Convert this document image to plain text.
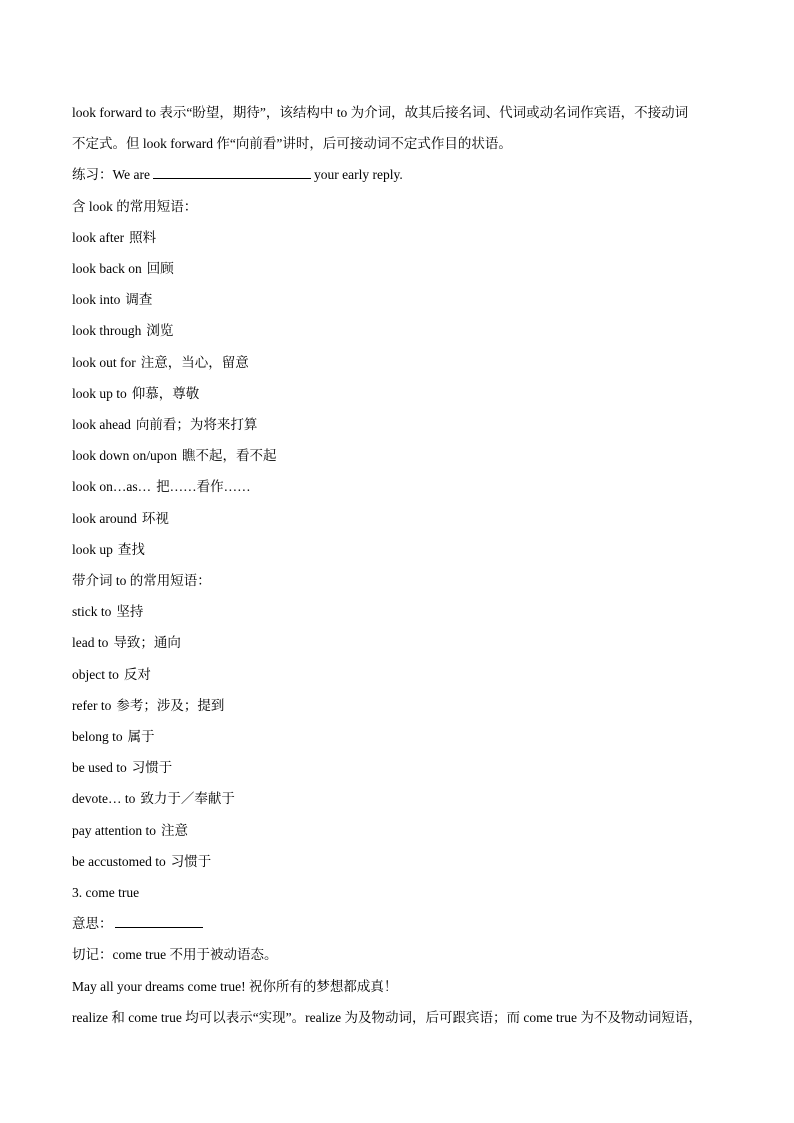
look forward to 表示“盼望，期待”，该结构中 to 为介词，故其后接名词、代词或动名词作宾语，不接动词
不定式。但 look forward 作“向前看”讲时，后可接动词不定式作目的状语。
练习：We are	your early reply.
含 look 的常用短语：
look after 照料
look back on 回顾
look into 调查
look through 浏览
look out for 注意，当心，留意
look up to 仰慕，尊敬
look ahead 向前看；为将来打算
look down on/upon 瞧不起，看不起
look on…as… 把……看作……
look around 环视
look up 查找
带介词 to 的常用短语：
stick to 坚持
lead to 导致；通向
object to 反对
refer to 参考；涉及；提到
belong to 属于
be used to 习惯于
devote… to 致力于／奉献于
pay attention to 注意
be accustomed to 习惯于
3. come true
意思：
切记：come true 不用于被动语态。
May all your dreams come true! 祝你所有的梦想都成真！
realize 和 come true 均可以表示“实现”。realize 为及物动词，后可跟宾语；而 come true 为不及物动词短语，
